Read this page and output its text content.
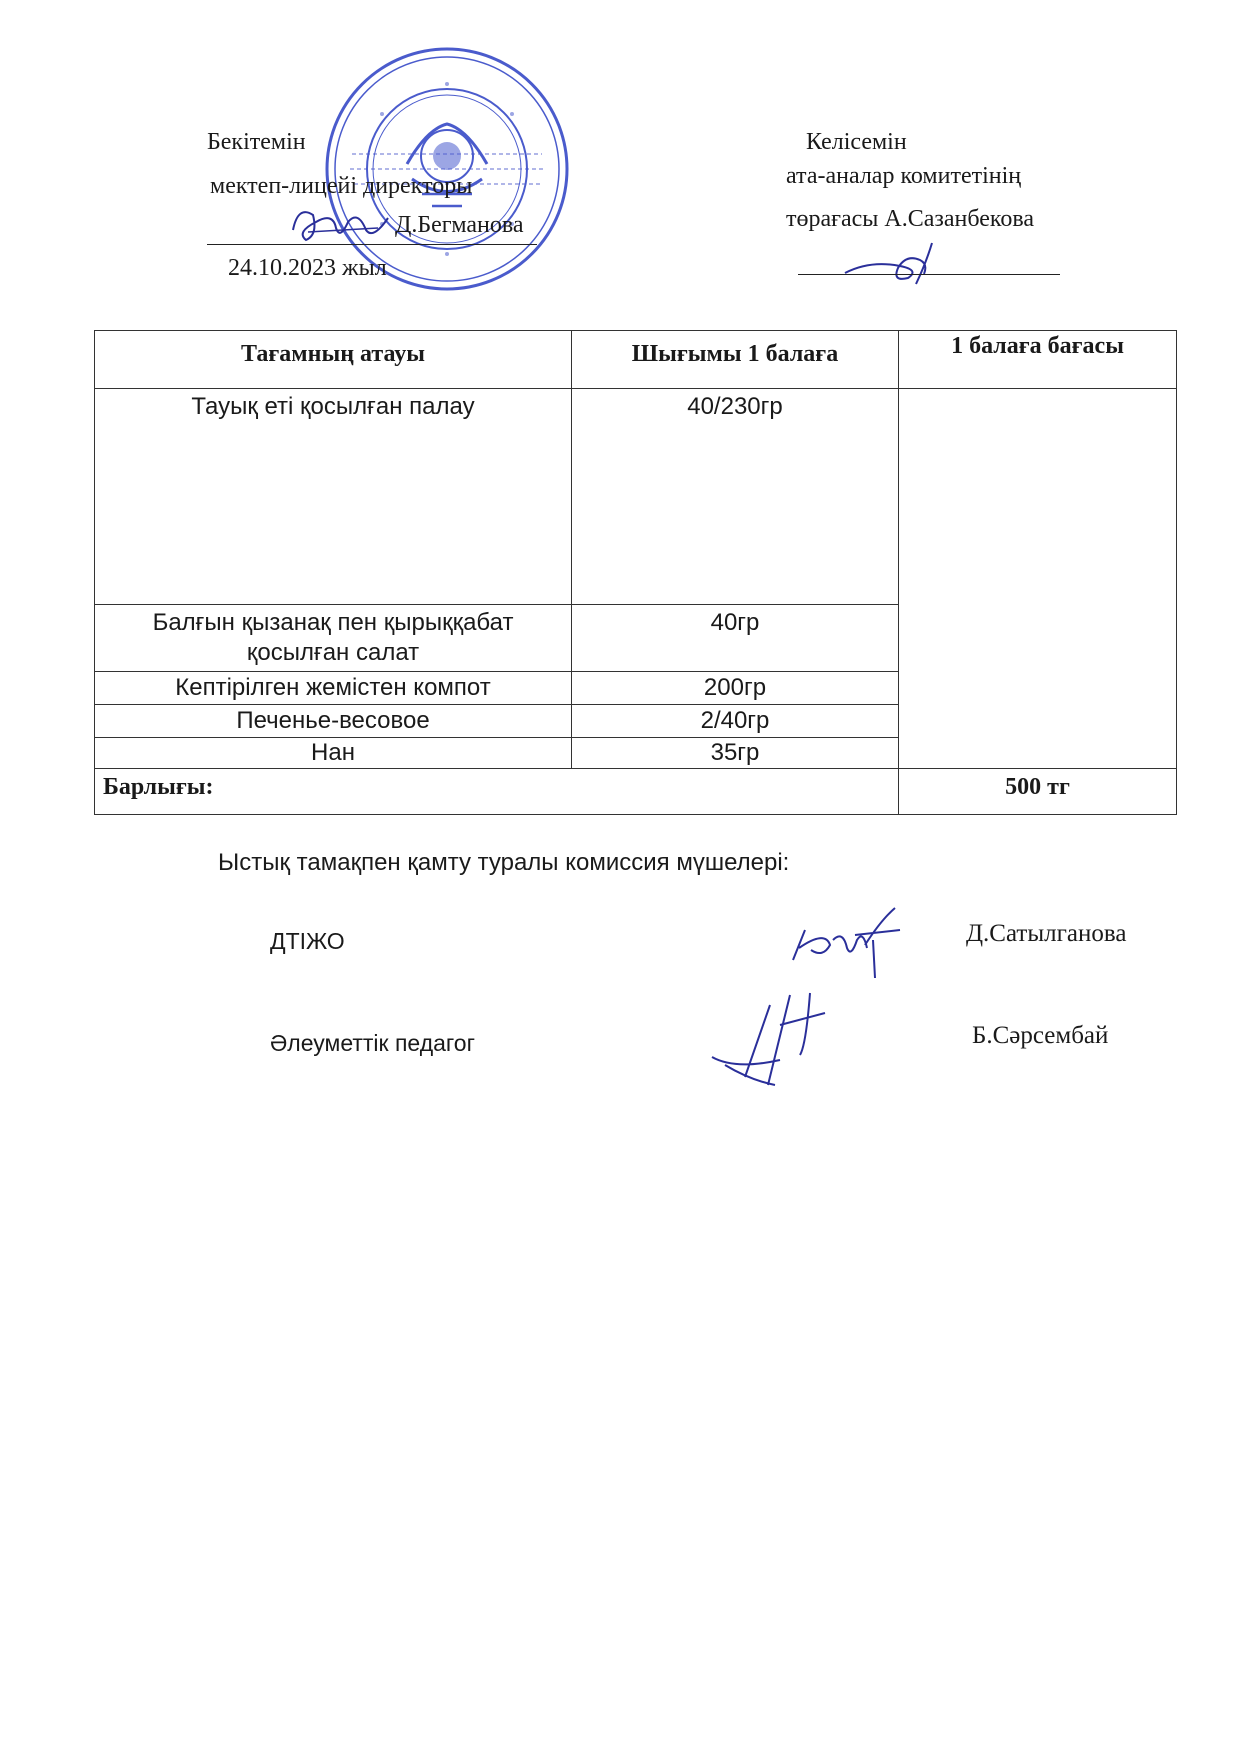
Бекітемін
мектеп-лицейі директоры
Д.Бегманова
24.10.2023 жыл
Келісемін
ата-аналар комитетінің
төрағасы А.Сазанбекова
Тағамның атауы	Шығымы 1 балаға	1 балаға бағасы
Тауық еті қосылған палау	40/230гр	
Балғын қызанақ пен қырыққабат қосылған салат	40гр	
Кептірілген жемістен компот	200гр	
Печенье-весовое	2/40гр	
Нан	35гр	
Барлығы:		500 тг
Ыстық тамақпен қамту туралы комиссия мүшелері:
ДТІЖО	Д.Сатылганова
Әлеуметтік педагог	Б.Сәрсембай
